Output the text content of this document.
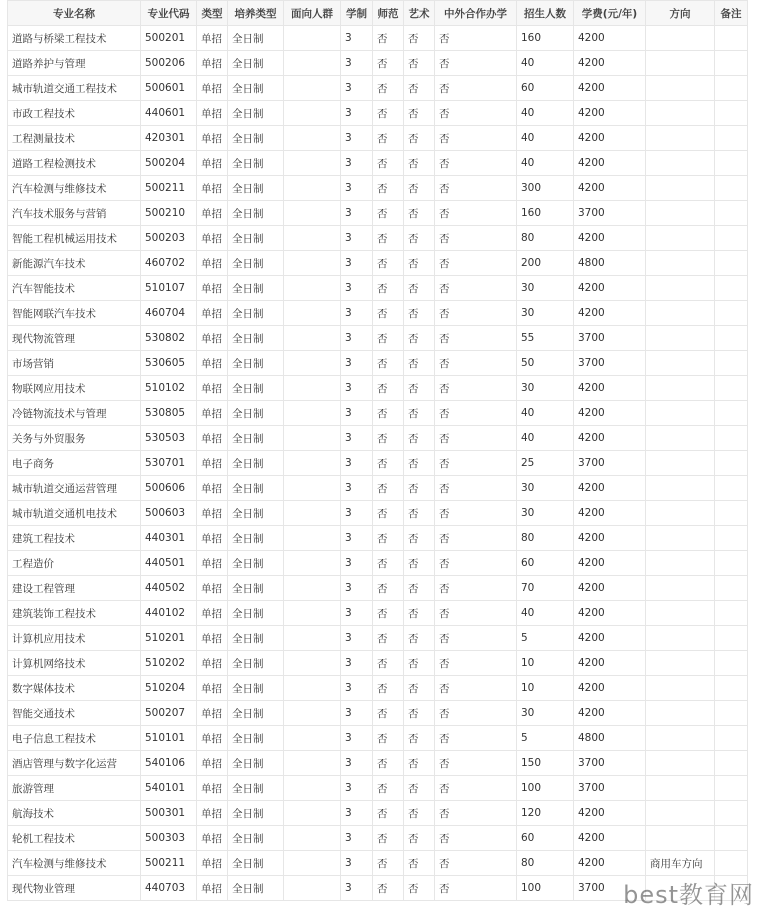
专业名称	专业代码	类型	培养类型	面向人群	学制	师范	艺术	中外合作办学	招生人数	学费(元/年)	方向	备注
道路与桥梁工程技术	500201	单招	全日制		3	否	否	否	160	4200		
道路养护与管理	500206	单招	全日制		3	否	否	否	40	4200		
城市轨道交通工程技术	500601	单招	全日制		3	否	否	否	60	4200		
市政工程技术	440601	单招	全日制		3	否	否	否	40	4200		
工程测量技术	420301	单招	全日制		3	否	否	否	40	4200		
道路工程检测技术	500204	单招	全日制		3	否	否	否	40	4200		
汽车检测与维修技术	500211	单招	全日制		3	否	否	否	300	4200		
汽车技术服务与营销	500210	单招	全日制		3	否	否	否	160	3700		
智能工程机械运用技术	500203	单招	全日制		3	否	否	否	80	4200		
新能源汽车技术	460702	单招	全日制		3	否	否	否	200	4800		
汽车智能技术	510107	单招	全日制		3	否	否	否	30	4200		
智能网联汽车技术	460704	单招	全日制		3	否	否	否	30	4200		
现代物流管理	530802	单招	全日制		3	否	否	否	55	3700		
市场营销	530605	单招	全日制		3	否	否	否	50	3700		
物联网应用技术	510102	单招	全日制		3	否	否	否	30	4200		
冷链物流技术与管理	530805	单招	全日制		3	否	否	否	40	4200		
关务与外贸服务	530503	单招	全日制		3	否	否	否	40	4200		
电子商务	530701	单招	全日制		3	否	否	否	25	3700		
城市轨道交通运营管理	500606	单招	全日制		3	否	否	否	30	4200		
城市轨道交通机电技术	500603	单招	全日制		3	否	否	否	30	4200		
建筑工程技术	440301	单招	全日制		3	否	否	否	80	4200		
工程造价	440501	单招	全日制		3	否	否	否	60	4200		
建设工程管理	440502	单招	全日制		3	否	否	否	70	4200		
建筑装饰工程技术	440102	单招	全日制		3	否	否	否	40	4200		
计算机应用技术	510201	单招	全日制		3	否	否	否	5	4200		
计算机网络技术	510202	单招	全日制		3	否	否	否	10	4200		
数字媒体技术	510204	单招	全日制		3	否	否	否	10	4200		
智能交通技术	500207	单招	全日制		3	否	否	否	30	4200		
电子信息工程技术	510101	单招	全日制		3	否	否	否	5	4800		
酒店管理与数字化运营	540106	单招	全日制		3	否	否	否	150	3700		
旅游管理	540101	单招	全日制		3	否	否	否	100	3700		
航海技术	500301	单招	全日制		3	否	否	否	120	4200		
轮机工程技术	500303	单招	全日制		3	否	否	否	60	4200		
汽车检测与维修技术	500211	单招	全日制		3	否	否	否	80	4200	商用车方向	
现代物业管理	440703	单招	全日制		3	否	否	否	100	3700		best教育网
